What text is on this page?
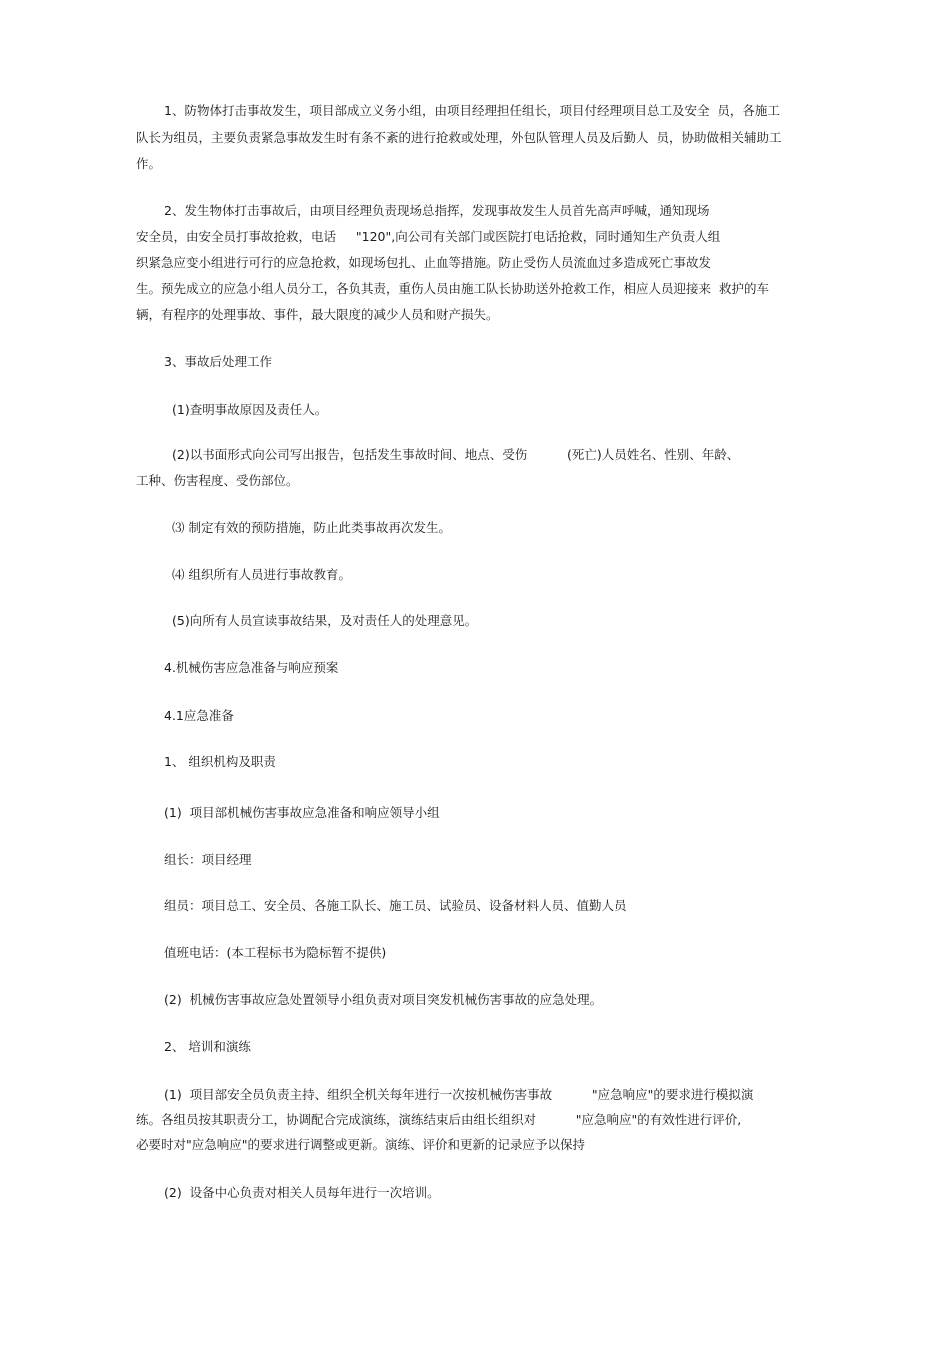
1、防物体打击事故发生，项目部成立义务小组，由项目经理担任组长，项目付经理项目总工及安全  员，各施工
队长为组员，主要负责紧急事故发生时有条不紊的进行抢救或处理，外包队管理人员及后勤人  员，协助做相关辅助工
作。
2、发生物体打击事故后，由项目经理负责现场总指挥，发现事故发生人员首先高声呼喊，通知现场
安全员，由安全员打事故抢救，电话     "120",向公司有关部门或医院打电话抢救，同时通知生产负责人组
织紧急应变小组进行可行的应急抢救，如现场包扎、止血等措施。防止受伤人员流血过多造成死亡事故发
生。预先成立的应急小组人员分工，各负其责，重伤人员由施工队长协助送外抢救工作，相应人员迎接来  救护的车
辆，有程序的处理事故、事件，最大限度的减少人员和财产损失。
3、事故后处理工作
(1)查明事故原因及责任人。
(2)以书面形式向公司写出报告，包括发生事故时间、地点、受伤          (死亡)人员姓名、性别、年龄、
工种、伤害程度、受伤部位。
⑶ 制定有效的预防措施，防止此类事故再次发生。
⑷ 组织所有人员进行事故教育。
(5)向所有人员宣读事故结果，及对责任人的处理意见。
4.机械伤害应急准备与响应预案
4.1应急准备
1、 组织机构及职责
(1)  项目部机械伤害事故应急准备和响应领导小组
组长：项目经理
组员：项目总工、安全员、各施工队长、施工员、试验员、设备材料人员、值勤人员
值班电话：(本工程标书为隐标暂不提供)
(2)  机械伤害事故应急处置领导小组负责对项目突发机械伤害事故的应急处理。
2、 培训和演练
(1)  项目部安全员负责主持、组织全机关每年进行一次按机械伤害事故          "应急响应"的要求进行模拟演
练。各组员按其职责分工，协调配合完成演练，演练结束后由组长组织对          "应急响应"的有效性进行评价,
必要时对"应急响应"的要求进行调整或更新。演练、评价和更新的记录应予以保持
(2)  设备中心负责对相关人员每年进行一次培训。
